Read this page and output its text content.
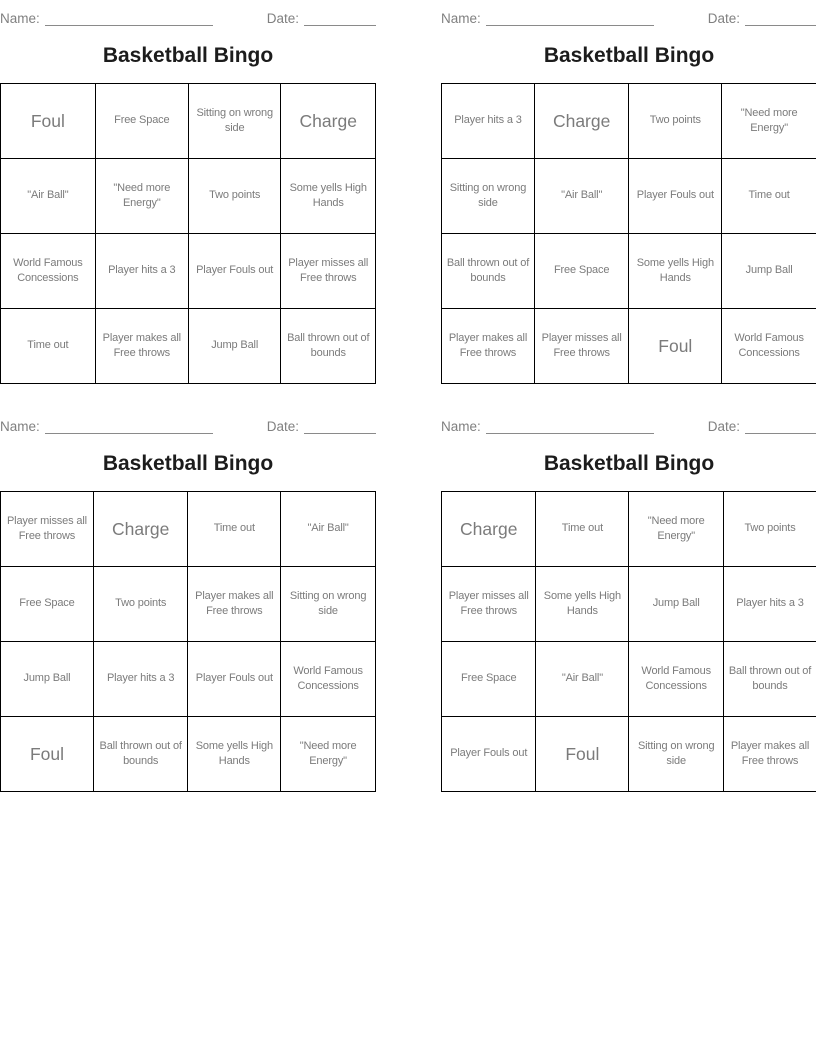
Name:	Date:
Basketball Bingo
Foul	Free Space	Sitting on wrong side	Charge
"Air Ball"	"Need more Energy"	Two points	Some yells High Hands
World Famous Concessions	Player hits a 3	Player Fouls out	Player misses all Free throws
Time out	Player makes all Free throws	Jump Ball	Ball thrown out of bounds
Name:	Date:
Basketball Bingo
Player hits a 3	Charge	Two points	"Need more Energy"
Sitting on wrong side	"Air Ball"	Player Fouls out	Time out
Ball thrown out of bounds	Free Space	Some yells High Hands	Jump Ball
Player makes all Free throws	Player misses all Free throws	Foul	World Famous Concessions
Name:	Date:
Basketball Bingo
Player misses all Free throws	Charge	Time out	"Air Ball"
Free Space	Two points	Player makes all Free throws	Sitting on wrong side
Jump Ball	Player hits a 3	Player Fouls out	World Famous Concessions
Foul	Ball thrown out of bounds	Some yells High Hands	"Need more Energy"
Name:	Date:
Basketball Bingo
Charge	Time out	"Need more Energy"	Two points
Player misses all Free throws	Some yells High Hands	Jump Ball	Player hits a 3
Free Space	"Air Ball"	World Famous Concessions	Ball thrown out of bounds
Player Fouls out	Foul	Sitting on wrong side	Player makes all Free throws
